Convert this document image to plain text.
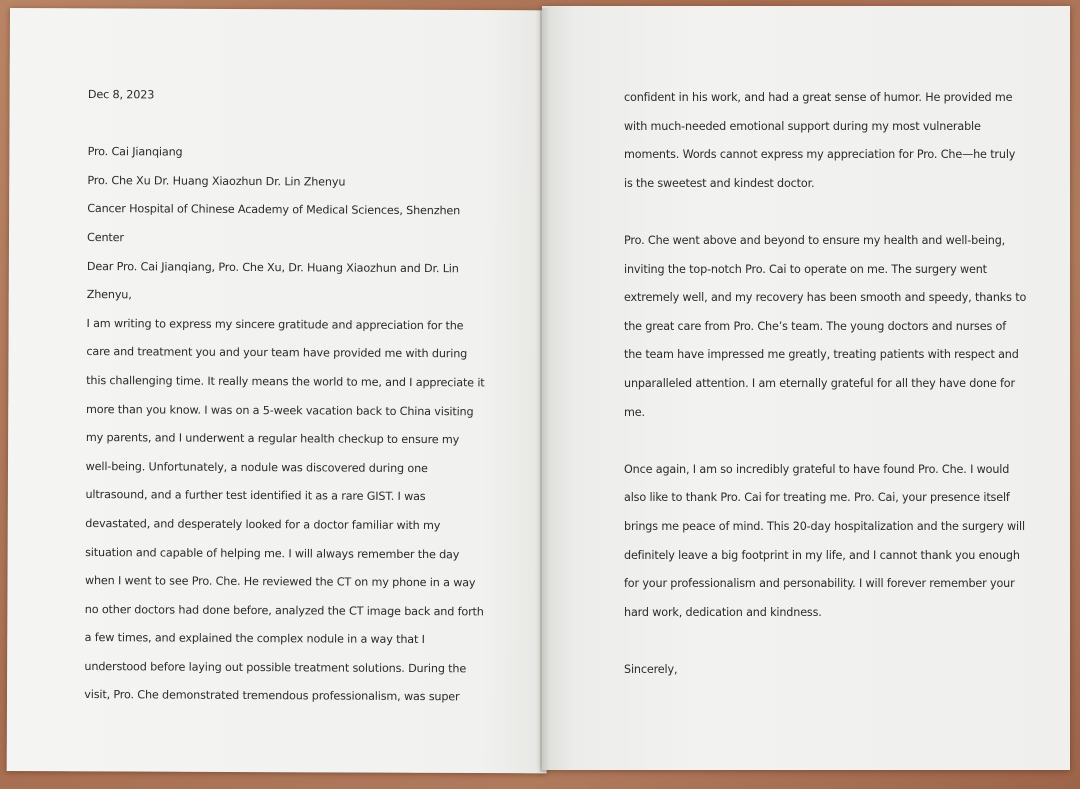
Dec 8, 2023
Pro. Cai Jianqiang
Pro. Che Xu Dr. Huang Xiaozhun Dr. Lin Zhenyu
Cancer Hospital of Chinese Academy of Medical Sciences, Shenzhen
Center
Dear Pro. Cai Jianqiang, Pro. Che Xu, Dr. Huang Xiaozhun and Dr. Lin
Zhenyu,
I am writing to express my sincere gratitude and appreciation for the
care and treatment you and your team have provided me with during
this challenging time. It really means the world to me, and I appreciate it
more than you know. I was on a 5-week vacation back to China visiting
my parents, and I underwent a regular health checkup to ensure my
well-being. Unfortunately, a nodule was discovered during one
ultrasound, and a further test identified it as a rare GIST. I was
devastated, and desperately looked for a doctor familiar with my
situation and capable of helping me. I will always remember the day
when I went to see Pro. Che. He reviewed the CT on my phone in a way
no other doctors had done before, analyzed the CT image back and forth
a few times, and explained the complex nodule in a way that I
understood before laying out possible treatment solutions. During the
visit, Pro. Che demonstrated tremendous professionalism, was super
confident in his work, and had a great sense of humor. He provided me
with much-needed emotional support during my most vulnerable
moments. Words cannot express my appreciation for Pro. Che—he truly
is the sweetest and kindest doctor.
Pro. Che went above and beyond to ensure my health and well-being,
inviting the top-notch Pro. Cai to operate on me. The surgery went
extremely well, and my recovery has been smooth and speedy, thanks to
the great care from Pro. Che’s team. The young doctors and nurses of
the team have impressed me greatly, treating patients with respect and
unparalleled attention. I am eternally grateful for all they have done for
me.
Once again, I am so incredibly grateful to have found Pro. Che. I would
also like to thank Pro. Cai for treating me. Pro. Cai, your presence itself
brings me peace of mind. This 20-day hospitalization and the surgery will
definitely leave a big footprint in my life, and I cannot thank you enough
for your professionalism and personability. I will forever remember your
hard work, dedication and kindness.
Sincerely,
